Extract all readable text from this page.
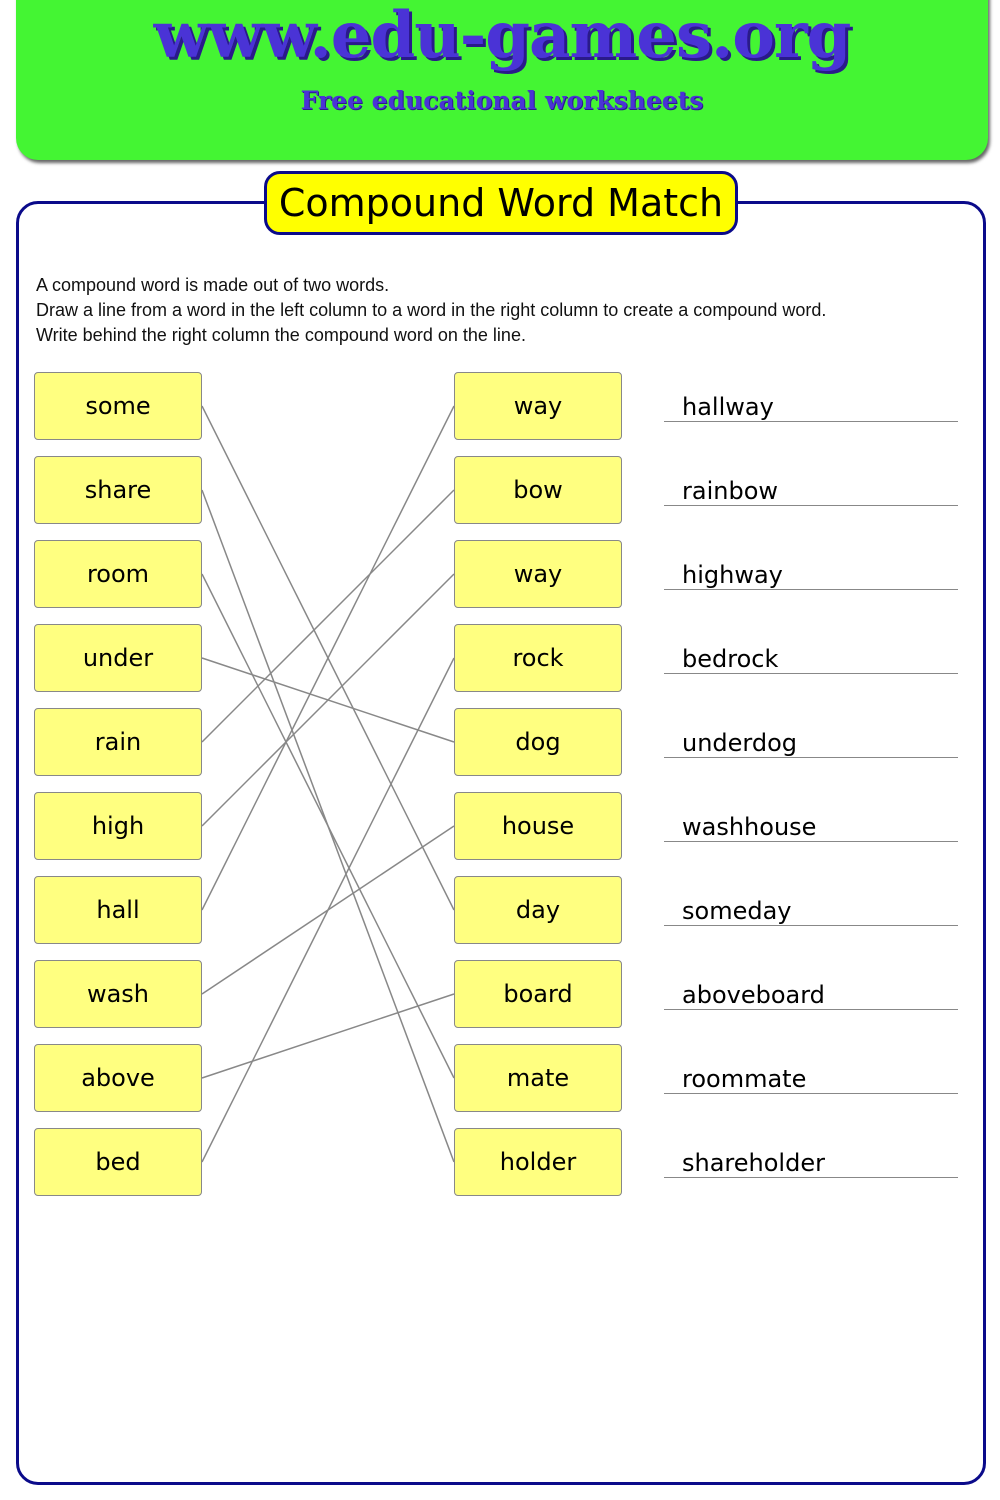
www.edu-games.org
Free educational worksheets
Compound Word Match
A compound word is made out of two words.
Draw a line from a word in the left column to a word in the right column to create a compound word.
Write behind the right column the compound word on the line.
some	way	hallway
share	bow	rainbow
room	way	highway
under	rock	bedrock
rain	dog	underdog
high	house	washhouse
hall	day	someday
wash	board	aboveboard
above	mate	roommate
bed	holder	shareholder
